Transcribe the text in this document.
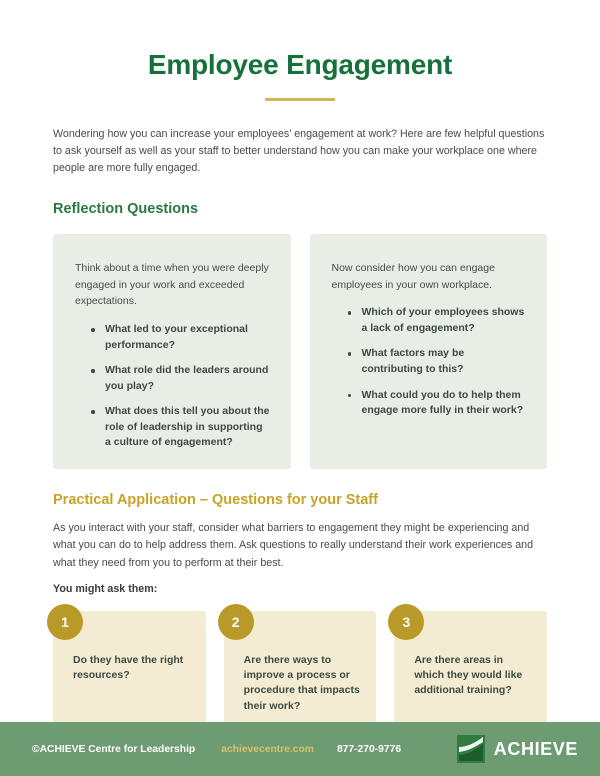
Employee Engagement

Wondering how you can increase your employees’ engagement at work? Here are few helpful questions to ask yourself as well as your staff to better understand how you can make your workplace one where people are more fully engaged.

Reflection Questions

Think about a time when you were deeply engaged in your work and exceeded expectations.

What led to your exceptional performance?
What role did the leaders around you play?
What does this tell you about the role of leadership in supporting a culture of engagement?

Now consider how you can engage employees in your own workplace.

Which of your employees shows a lack of engagement?
What factors may be contributing to this?
What could you do to help them engage more fully in their work?
Practical Application – Questions for your Staff

As you interact with your staff, consider what barriers to engagement they might be experiencing and what you can do to help address them. Ask questions to really understand their work experiences and what they need from you to perform at their best.

You might ask them:

1
Do they have the right resources?
2
Are there ways to improve a process or procedure that impacts their work?
3
Are there areas in which they would like additional training?
©ACHIEVE Centre for Leadership	achievecentre.com 877-270-9776	ACHIEVE
